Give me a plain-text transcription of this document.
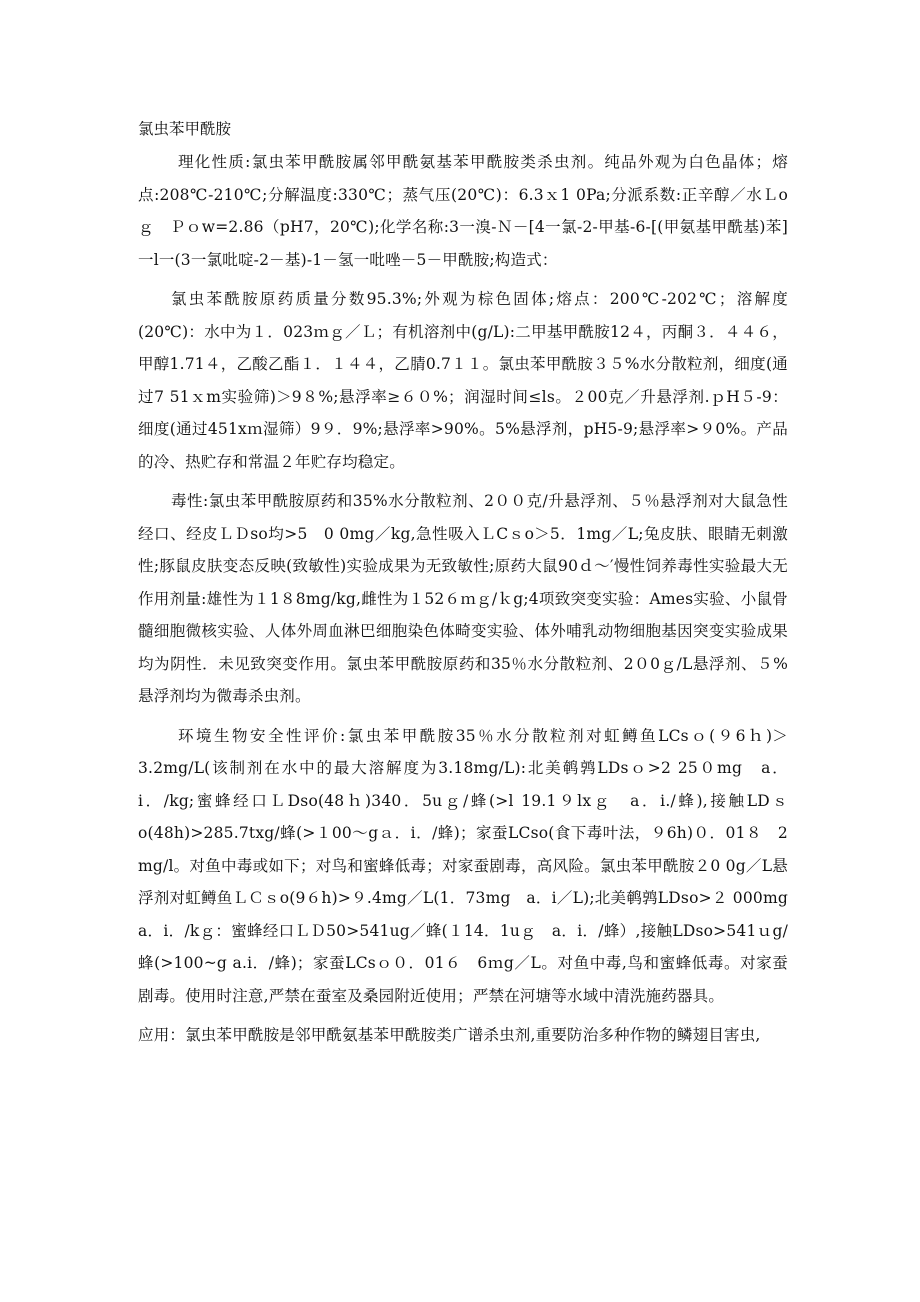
氯虫苯甲酰胺

理化性质:氯虫苯甲酰胺属邻甲酰氨基苯甲酰胺类杀虫剂。纯品外观为白色晶体；熔点:208℃-210℃;分解温度:330℃；蒸气压(20℃)：6.3ｘ1 0Pa;分派系数:正辛醇／水Ｌoｇ　Ｐｏw=2.86（pH7，20℃);化学名称:3一溴-Ｎ－[4一氯-2-甲基-6-[(甲氨基甲酰基)苯]一l一(3一氯吡啶-2－基)-1－氢一吡唑－5－甲酰胺;构造式：

氯虫苯酰胺原药质量分数95.3%;外观为棕色固体;熔点：200℃-202℃；溶解度(20℃)：水中为１．023ｍｇ／Ｌ；有机溶剂中(g/L):二甲基甲酰胺12４，丙酮３．４４６，甲醇1.71４，乙酸乙酯１．１４４，乙腈0.7１１。氯虫苯甲酰胺３５%水分散粒剂，细度(通过7 51ｘm实验筛)＞9８%;悬浮率≥６０%；润湿时间≤ls。２00克／升悬浮剂.ｐH５-9：细度(通过451xｍ湿筛）9９．9%;悬浮率>90%。5%悬浮剂，pH5-9;悬浮率>９0%。产品的冷、热贮存和常温２年贮存均稳定。

毒性:氯虫苯甲酰胺原药和35%水分散粒剂、2００克/升悬浮剂、５％悬浮剂对大鼠急性经口、经皮ＬＤso均>5　0 0mg／kg,急性吸入ＬCｓo＞5．1mg／L;兔皮肤、眼睛无刺激性;豚鼠皮肤变态反映(致敏性)实验成果为无致敏性;原药大鼠90ｄ～′慢性饲养毒性实验最大无作用剂量:雄性为１1８8mg/kg,雌性为１52６ｍｇ/ｋg;4项致突变实验：Ames实验、小鼠骨髓细胞微核实验、人体外周血淋巴细胞染色体畸变实验、体外哺乳动物细胞基因突变实验成果均为阴性．未见致突变作用。氯虫苯甲酰胺原药和35％水分散粒剂、2０0ｇ/L悬浮剂、５%悬浮剂均为微毒杀虫剂。

环境生物安全性评价:氯虫苯甲酰胺35％水分散粒剂对虹鳟鱼LCsｏ(９6ｈ)＞3.2mg/L(该制剂在水中的最大溶解度为3.18mg/L):北美鹌鹑LDsｏ>2 25０mg　a．i．/kg;蜜蜂经口ＬDso(48ｈ)340．5uｇ/蜂(>l 19.1９lxｇ　a．i./蜂),接触LDｓo(48h)>285.7txg/蜂(>１00～gａ．i．/蜂)；家蚕LCso(食下毒叶法，９6h)０．01８　2　mg/l。对鱼中毒或如下；对鸟和蜜蜂低毒；对家蚕剧毒，高风险。氯虫苯甲酰胺２0 0g／L悬浮剂对虹鳟鱼ＬＣｓo(9６h)>９.4mg／L(1．73mg　a．i／L);北美鹌鹑LDso>２ 000mg　a．i．/kｇ：蜜蜂经口ＬＤ50>541ug／蜂(１14．1uｇ　a．i．/蜂）,接触LDso>541ｕg/蜂(>100~g a.i．/蜂)；家蚕LCsｏ０．01６　6ｍg／L。对鱼中毒,鸟和蜜蜂低毒。对家蚕剧毒。使用时注意,严禁在蚕室及桑园附近使用；严禁在河塘等水域中清洗施药器具。

应用：氯虫苯甲酰胺是邻甲酰氨基苯甲酰胺类广谱杀虫剂,重要防治多种作物的鳞翅目害虫,
